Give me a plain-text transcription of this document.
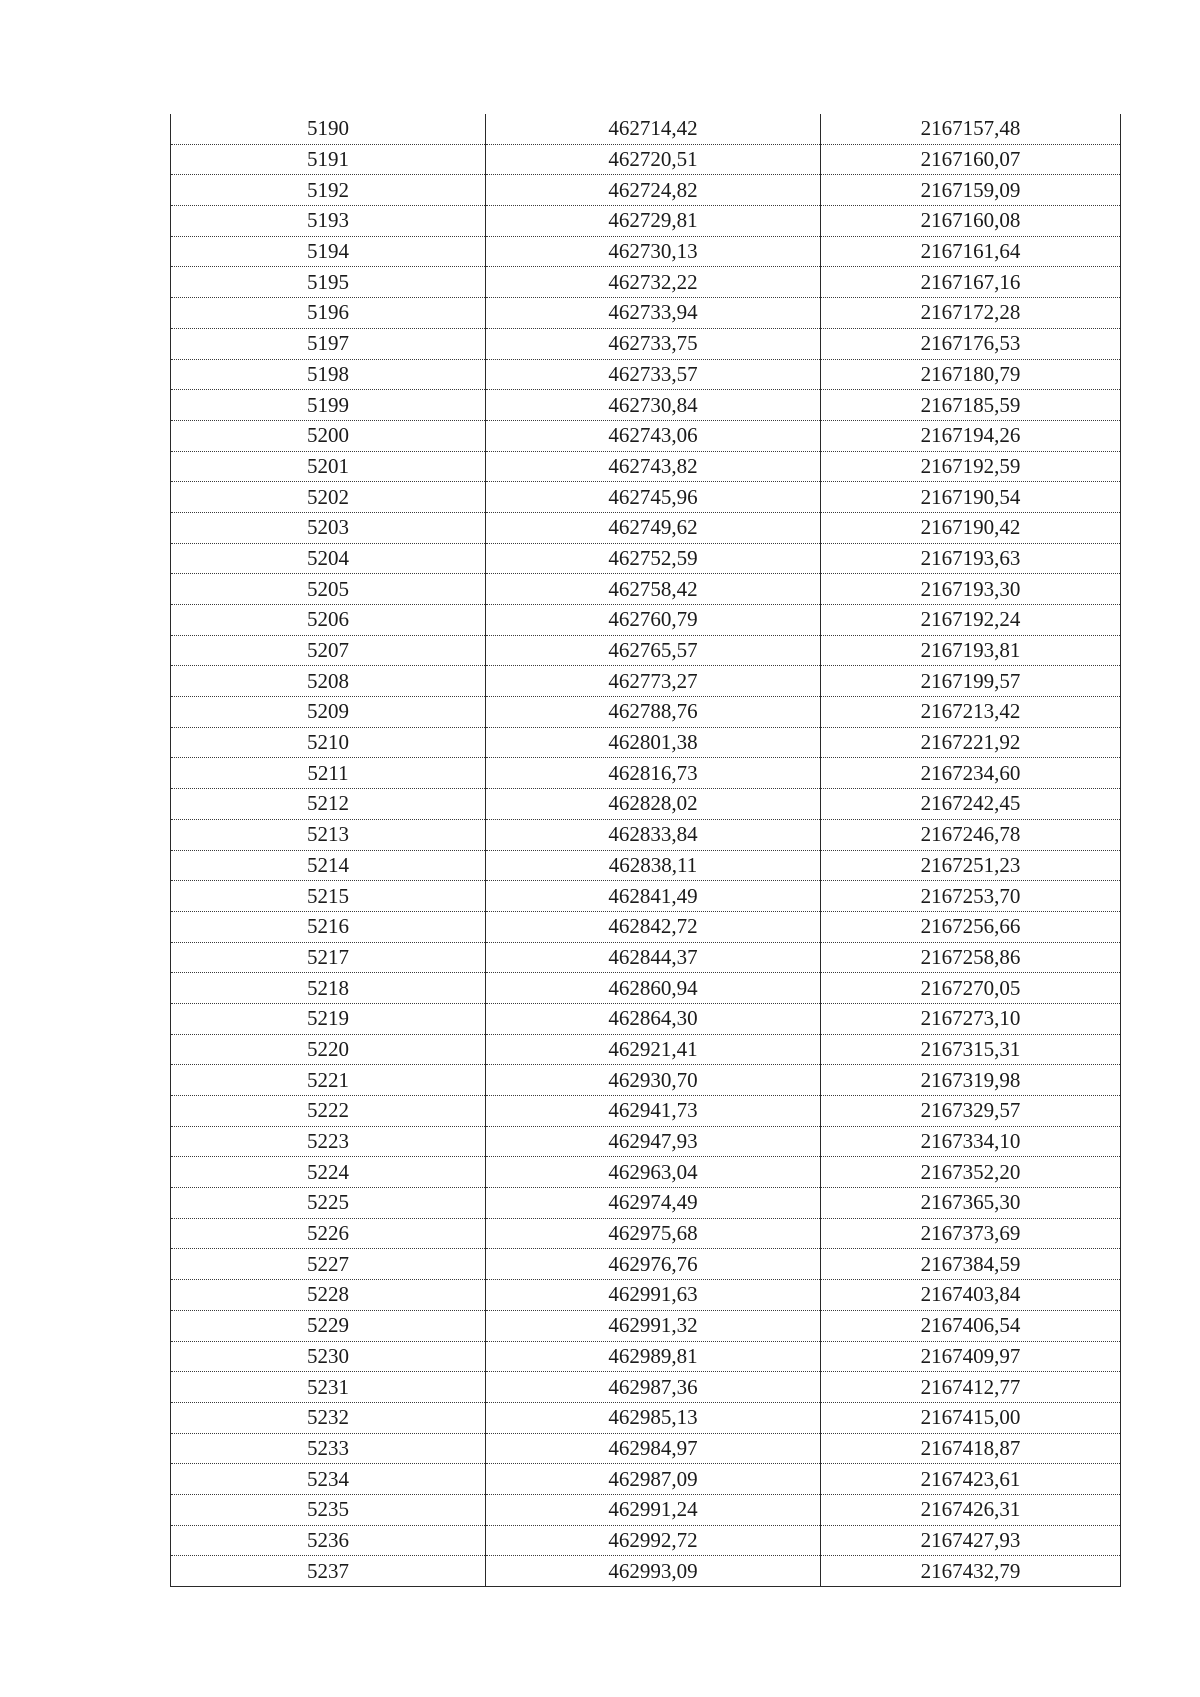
5190	462714,42	2167157,48
5191	462720,51	2167160,07
5192	462724,82	2167159,09
5193	462729,81	2167160,08
5194	462730,13	2167161,64
5195	462732,22	2167167,16
5196	462733,94	2167172,28
5197	462733,75	2167176,53
5198	462733,57	2167180,79
5199	462730,84	2167185,59
5200	462743,06	2167194,26
5201	462743,82	2167192,59
5202	462745,96	2167190,54
5203	462749,62	2167190,42
5204	462752,59	2167193,63
5205	462758,42	2167193,30
5206	462760,79	2167192,24
5207	462765,57	2167193,81
5208	462773,27	2167199,57
5209	462788,76	2167213,42
5210	462801,38	2167221,92
5211	462816,73	2167234,60
5212	462828,02	2167242,45
5213	462833,84	2167246,78
5214	462838,11	2167251,23
5215	462841,49	2167253,70
5216	462842,72	2167256,66
5217	462844,37	2167258,86
5218	462860,94	2167270,05
5219	462864,30	2167273,10
5220	462921,41	2167315,31
5221	462930,70	2167319,98
5222	462941,73	2167329,57
5223	462947,93	2167334,10
5224	462963,04	2167352,20
5225	462974,49	2167365,30
5226	462975,68	2167373,69
5227	462976,76	2167384,59
5228	462991,63	2167403,84
5229	462991,32	2167406,54
5230	462989,81	2167409,97
5231	462987,36	2167412,77
5232	462985,13	2167415,00
5233	462984,97	2167418,87
5234	462987,09	2167423,61
5235	462991,24	2167426,31
5236	462992,72	2167427,93
5237	462993,09	2167432,79
